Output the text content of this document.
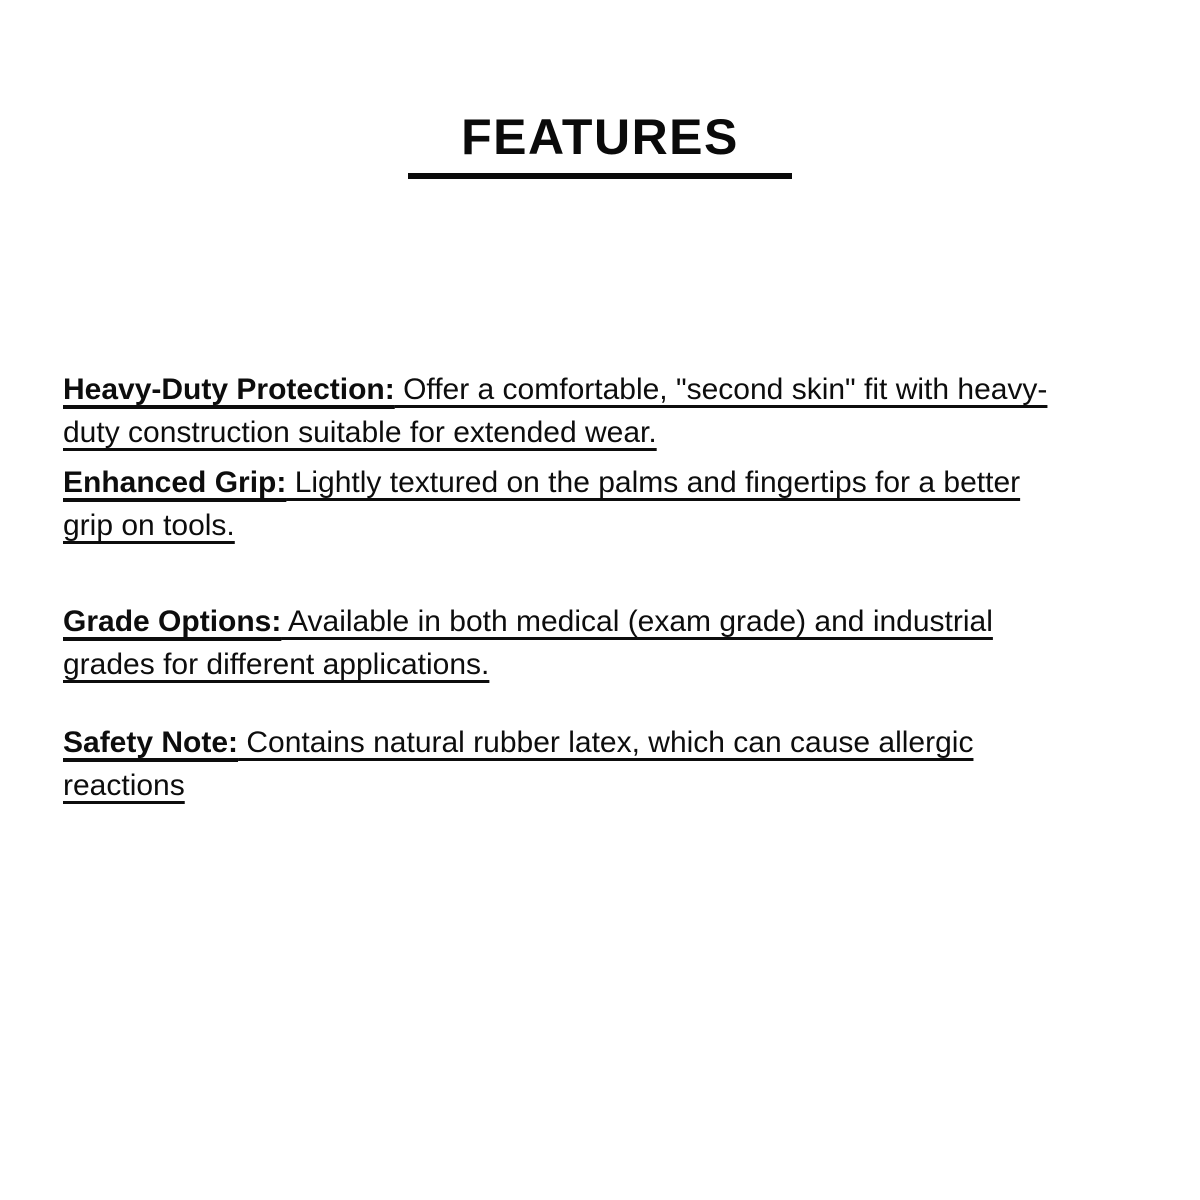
FEATURES

Heavy-Duty Protection: Offer a comfortable, "second skin" fit with heavy-
duty construction suitable for extended wear.

Enhanced Grip: Lightly textured on the palms and fingertips for a better
grip on tools.

Grade Options: Available in both medical (exam grade) and industrial
grades for different applications.

Safety Note: Contains natural rubber latex, which can cause allergic
reactions
